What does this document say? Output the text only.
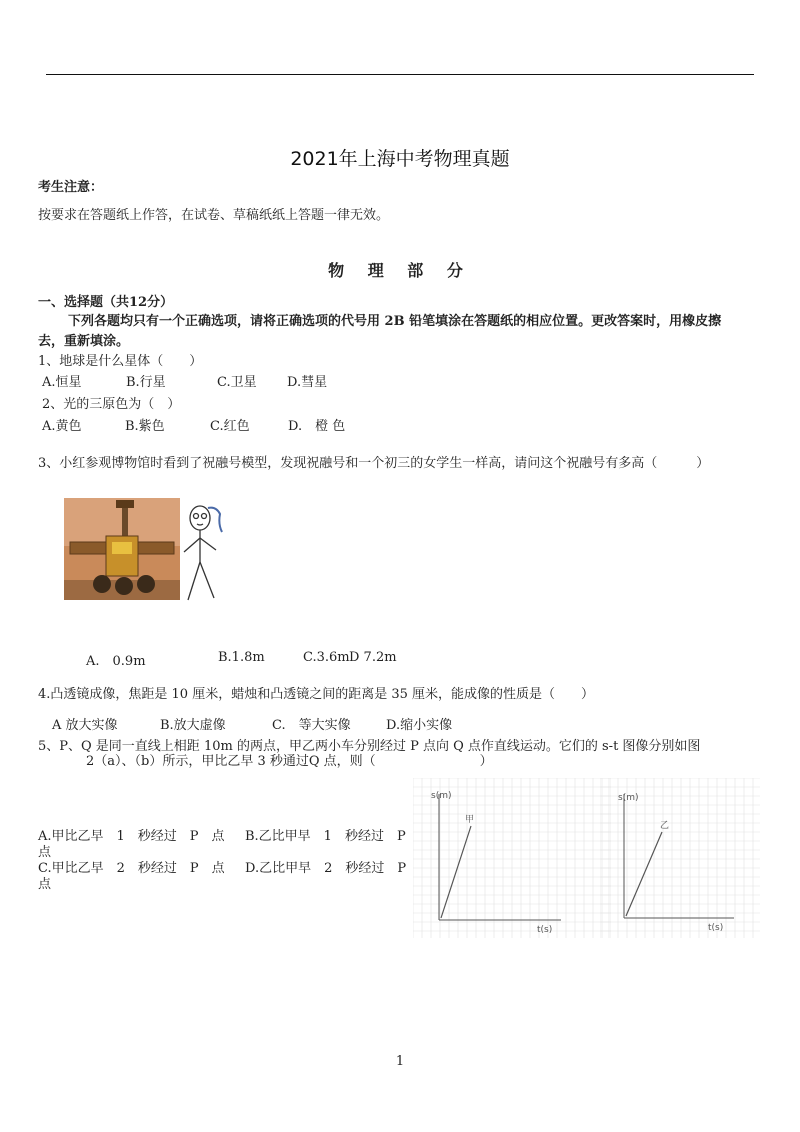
2021年上海中考物理真题
考生注意：
按要求在答题纸上作答，在试卷、草稿纸纸上答题一律无效。
物 理 部 分
一、选择题（共12分）
下列各题均只有一个正确选项，请将正确选项的代号用 2B 铅笔填涂在答题纸的相应位置。更改答案时，用橡皮擦
去，重新填涂。
1、地球是什么星体（　　）
A.恒星	B.行星	C.卫星 D.彗星
2、光的三原色为（　）
A.黄色	B.紫色	C.红色	D.　橙 色
3、小红参观博物馆时看到了祝融号模型，发现祝融号和一个初三的女学生一样高，请问这个祝融号有多高（　　　）
A.　0.9m	B.1.8m	C.3.6m D 7.2m
4.凸透镜成像，焦距是 10 厘米，蜡烛和凸透镜之间的距离是 35 厘米，能成像的性质是（　　）
A 放大实像	B.放大虚像	C.　等大实像	D.缩小实像
5、P、Q 是同一直线上相距 10m 的两点，甲乙两小车分别经过 P 点向 Q 点作直线运动。它们的 s-t 图像分别如图
2（a）、（b）所示，甲比乙早 3 秒通过Q 点，则（　　　　　　　　）
A.甲比乙早　1　秒经过　P　点
点
B.乙比甲早　1　秒经过　P
C.甲比乙早　2　秒经过　P　点
点
D.乙比甲早　2　秒经过　P
s(m)
t(s)
甲
s(m)
t(s)
乙
1
